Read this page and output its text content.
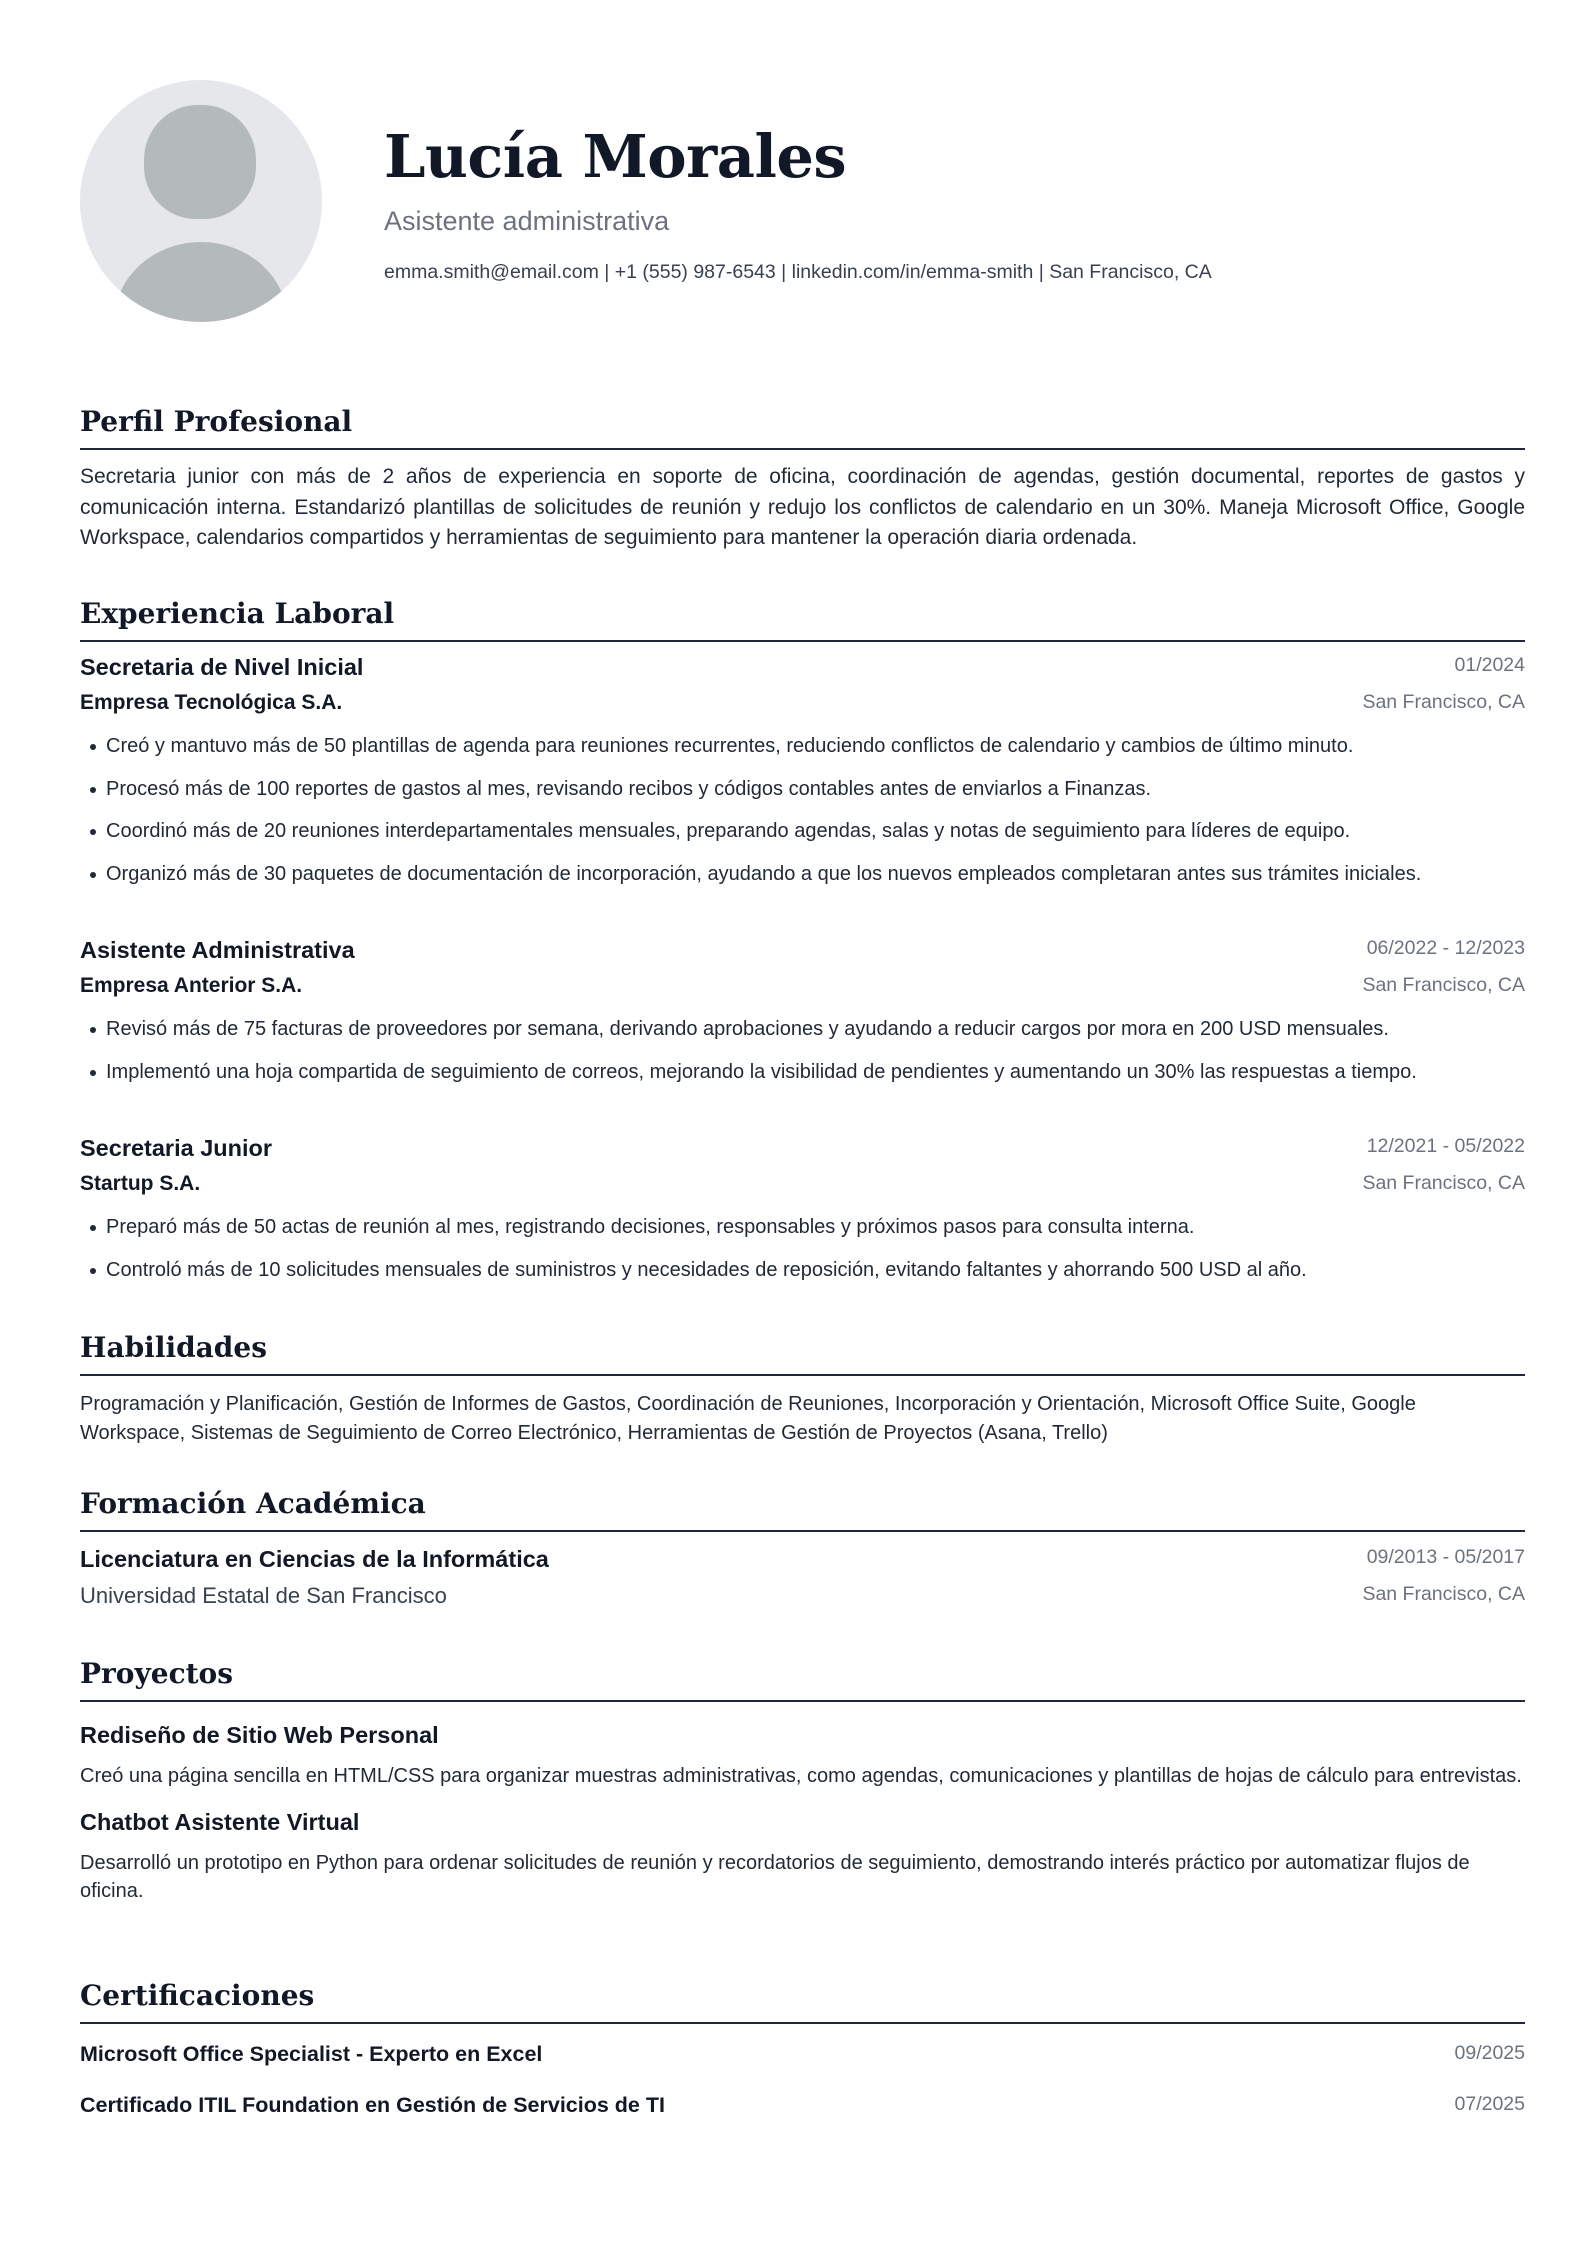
Lucía Morales
Asistente administrativa
emma.smith@email.com | +1 (555) 987-6543 | linkedin.com/in/emma-smith | San Francisco, CA
Perfil Profesional

Secretaria junior con más de 2 años de experiencia en soporte de oficina, coordinación de agendas, gestión documental, reportes de gastos y comunicación interna. Estandarizó plantillas de solicitudes de reunión y redujo los conflictos de calendario en un 30%. Maneja Microsoft Office, Google Workspace, calendarios compartidos y herramientas de seguimiento para mantener la operación diaria ordenada.

Experiencia Laboral
Secretaria de Nivel Inicial	01/2024
Empresa Tecnológica S.A.	San Francisco, CA
Creó y mantuvo más de 50 plantillas de agenda para reuniones recurrentes, reduciendo conflictos de calendario y cambios de último minuto.
Procesó más de 100 reportes de gastos al mes, revisando recibos y códigos contables antes de enviarlos a Finanzas.
Coordinó más de 20 reuniones interdepartamentales mensuales, preparando agendas, salas y notas de seguimiento para líderes de equipo.
Organizó más de 30 paquetes de documentación de incorporación, ayudando a que los nuevos empleados completaran antes sus trámites iniciales.
Asistente Administrativa	06/2022 - 12/2023
Empresa Anterior S.A.	San Francisco, CA
Revisó más de 75 facturas de proveedores por semana, derivando aprobaciones y ayudando a reducir cargos por mora en 200 USD mensuales.
Implementó una hoja compartida de seguimiento de correos, mejorando la visibilidad de pendientes y aumentando un 30% las respuestas a tiempo.
Secretaria Junior	12/2021 - 05/2022
Startup S.A.	San Francisco, CA
Preparó más de 50 actas de reunión al mes, registrando decisiones, responsables y próximos pasos para consulta interna.
Controló más de 10 solicitudes mensuales de suministros y necesidades de reposición, evitando faltantes y ahorrando 500 USD al año.
Habilidades

Programación y Planificación, Gestión de Informes de Gastos, Coordinación de Reuniones, Incorporación y Orientación, Microsoft Office Suite, Google Workspace, Sistemas de Seguimiento de Correo Electrónico, Herramientas de Gestión de Proyectos (Asana, Trello)

Formación Académica
Licenciatura en Ciencias de la Informática	09/2013 - 05/2017
Universidad Estatal de San Francisco	San Francisco, CA
Proyectos
Rediseño de Sitio Web Personal

Creó una página sencilla en HTML/CSS para organizar muestras administrativas, como agendas, comunicaciones y plantillas de hojas de cálculo para entrevistas.

Chatbot Asistente Virtual

Desarrolló un prototipo en Python para ordenar solicitudes de reunión y recordatorios de seguimiento, demostrando interés práctico por automatizar flujos de oficina.

Certificaciones
Microsoft Office Specialist - Experto en Excel	09/2025
Certificado ITIL Foundation en Gestión de Servicios de TI	07/2025
